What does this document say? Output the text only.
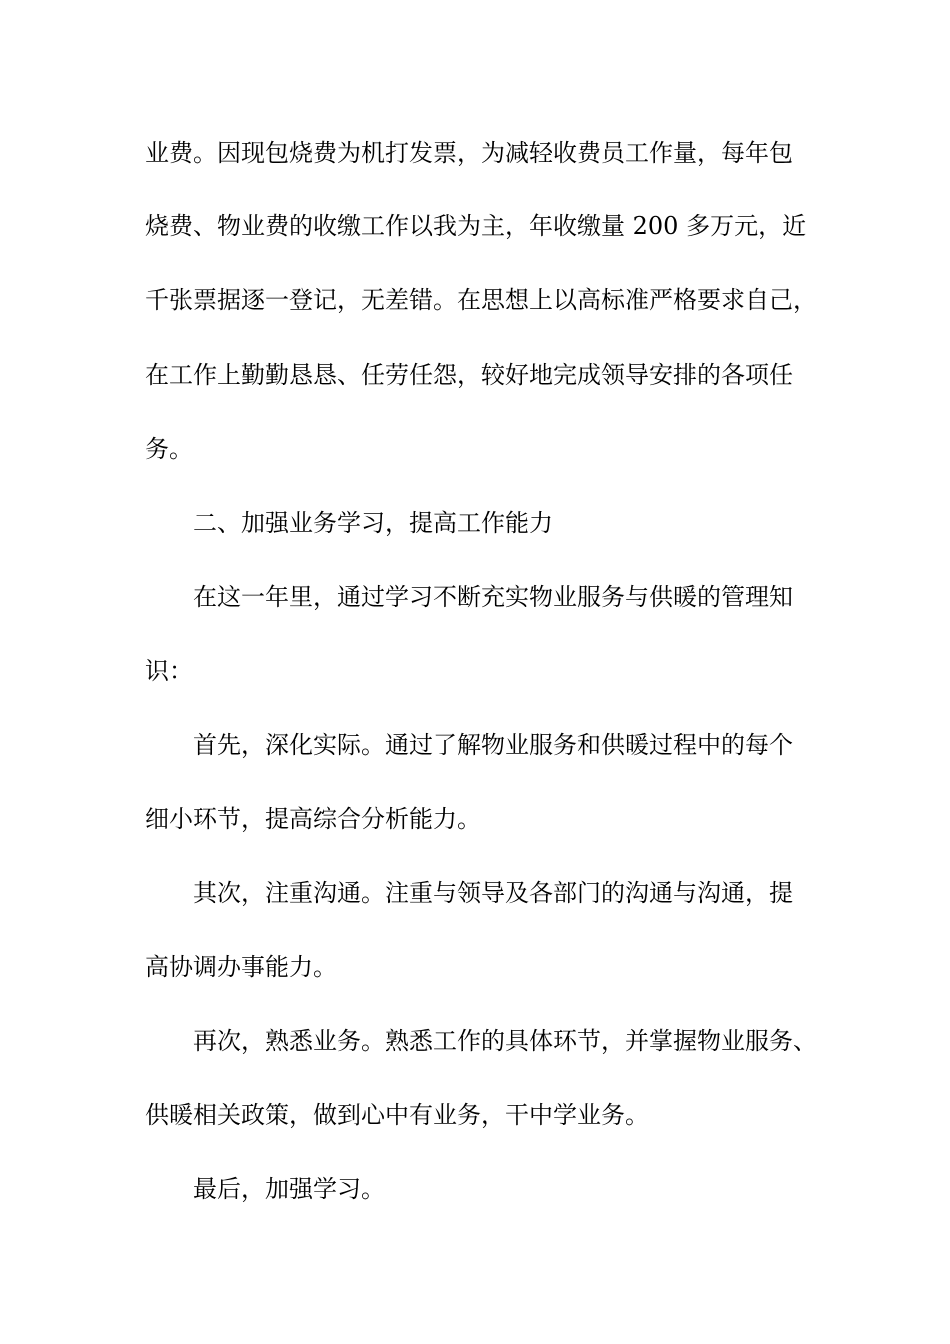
业费。因现包烧费为机打发票，为减轻收费员工作量，每年包
烧费、物业费的收缴工作以我为主，年收缴量 200 多万元，近
千张票据逐一登记，无差错。在思想上以高标准严格要求自己，
在工作上勤勤恳恳、任劳任怨，较好地完成领导安排的各项任
务。
二、加强业务学习，提高工作能力
在这一年里，通过学习不断充实物业服务与供暖的管理知
识：
首先，深化实际。通过了解物业服务和供暖过程中的每个
细小环节，提高综合分析能力。
其次，注重沟通。注重与领导及各部门的沟通与沟通，提
高协调办事能力。
再次，熟悉业务。熟悉工作的具体环节，并掌握物业服务、
供暖相关政策，做到心中有业务，干中学业务。
最后，加强学习。
